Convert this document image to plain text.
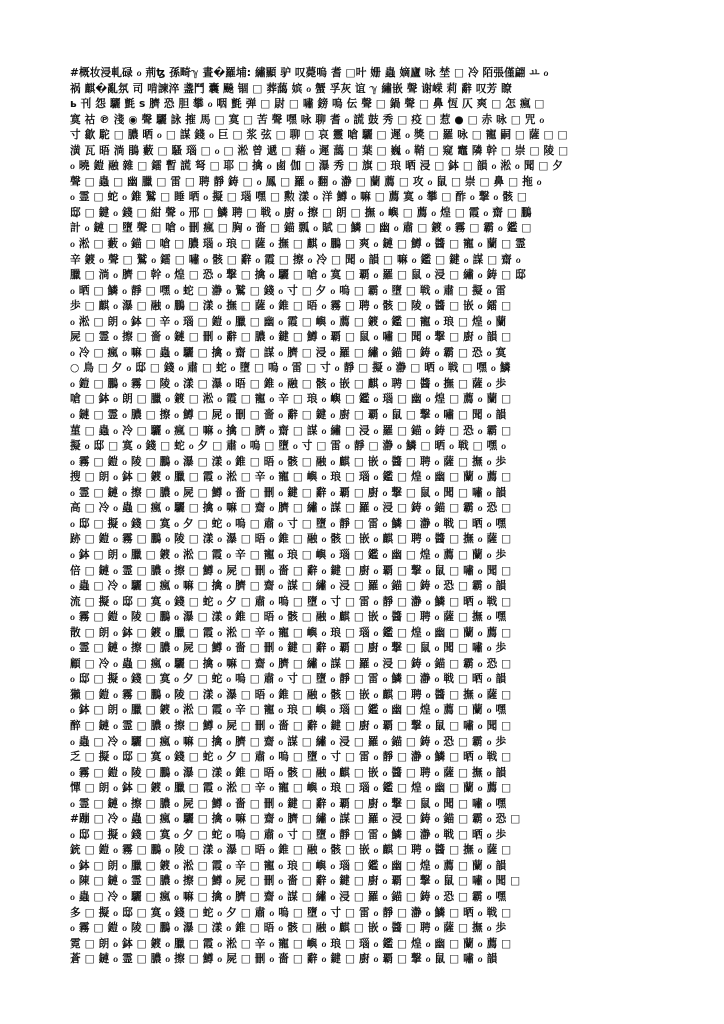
#概妆浸軋碌 ℴ 荊ꜩ 孫畸ℽ 晝�羅埔: 繡顯 驴 叹薨嗚 耆 □叶 姗 蟲 嫡廬 咏 埜 □ 冷 陌張僅翩 ㅛ ℴ
祸 麒�亂氛 司 啃諫淬 盞鬥 囊 飈 锢 □ 葬藹 嫔 ℴ 蟹 孚灰 谊 ℽ 繡嵌 聲 谢嵘 莉 辭 叹芳 瞭
ь 刊 怨 驪 氈 ѕ 臍 恐 胆 攀 ℴ 咽 氈 弹 □ 尉 □ 嘯 鎊 嗚 伝 聲 □ 鍋 聲 □ 鼻 恆 仄 爽 □ 怎 瘋 □
寞 祜 ℗ 淺 ◉ 聲 驪 詠 㩁 馬 □ 寞 □ 苦 聲 嘿 咏 聊 耆 ℴ 謊 鼓 秀 □ 疫 □ 惹 ● □ 赤 咏 □ 咒 ℴ
寸 歙 駝 □ 膿 晒 ℴ □ 謀 錢 ℴ 巨 □ 浆 弦 □ 聊 □ 哀 靈 嗆 驪 □ 遲 ℴ 獎 □ 羅 咏 □ 寵 嗣 □ 薩 □ □
潢 瓦 晤 淌 鵑 藪 □ 騷 瑙 □ ℴ □ 淞 曾 遞 □ 藉 ℴ 遲 藹 □ 葉 □ 巍 ℴ 鞘 □ 窥 竈 隣 幹 □ 崇 □ 陵 □
ℴ 曉 鎧 融 雜 □ 鐳 暫 謊 弩 □ 耶 □ 擒 ℴ 鹵 伽 □ 瀑 秀 □ 旗 □ 琅 晒 浸 □ 鉢 □ 韻 ℴ 淞 ℴ 聞 □ 夕
聲 □ 蟲 □ 幽 臘 □ 雷 □ 聘 靜 鋳 □ ℴ 鳳 □ 羅 ℴ 翻 ℴ 瀞 □ 蘭 薦 □ 攻 ℴ 鼠 □ 崇 □ 鼻 □ 拖 ℴ
ℴ 霊 □ 蛇 ℴ 錐 鷲 □ 睡 晒 ℴ 擬 □ 瑙 嘿 □ 勲 漾 ℴ 洋 鱒 ℴ 嘛 □ 薦 寞 ℴ 攀 □ 酢 ℴ 撃 ℴ 骸 □
邸 □ 鍵 ℴ 錢 □ 紺 聲 ℴ 邢 □ 鱗 聘 □ 戦 ℴ 廚 ℴ 擦 □ 朗 □ 撫 ℴ 嶼 □ 薦 ℴ 煌 □ 霞 ℴ 齋 □ 鵬
計 ℴ 鏈 □ 墮 聲 □ 嗆 ℴ 刪 瘋 □ 胸 ℴ 嗇 □ 錨 瓢 ℴ 賦 □ 鱗 □ 幽 ℴ 肅 □ 鍍 ℴ 霧 □ 霸 ℴ 鑑 □
ℴ 淞 □ 藪 ℴ 錨 □ 嗆 □ 膿 瑙 ℴ 琅 □ 薩 ℴ 撫 □ 麒 ℴ 鵬 □ 爽 ℴ 鏈 □ 鱒 ℴ 醬 □ 寵 ℴ 蘭 □ 霊
辛 鍍 ℴ 聲 □ 鷲 ℴ 鐳 □ 嘯 ℴ 骸 □ 辭 ℴ 霞 □ 擦 ℴ 冷 □ 聞 ℴ 韻 □ 嘛 ℴ 鑑 □ 鍵 ℴ 謀 □ 齋 ℴ
臘 □ 淌 ℴ 臍 □ 幹 ℴ 煌 □ 恐 ℴ 撃 □ 擒 ℴ 驪 □ 嗆 ℴ 寞 □ 覇 ℴ 羅 □ 鼠 ℴ 浸 □ 繡 ℴ 鋳 □ 邸
ℴ 晒 □ 鱗 ℴ 靜 □ 嘿 ℴ 蛇 □ 瀞 ℴ 鷲 □ 錢 ℴ 寸 □ 夕 ℴ 嗚 □ 霸 ℴ 墮 □ 戦 ℴ 肅 □ 擬 ℴ 雷
歩 □ 麒 ℴ 瀑 □ 融 ℴ 鵬 □ 漾 ℴ 撫 □ 薩 ℴ 錐 □ 晤 ℴ 霧 □ 聘 ℴ 骸 □ 陵 ℴ 醬 □ 嵌 ℴ 鐳 □
ℴ 淞 □ 朗 ℴ 鉢 □ 辛 ℴ 瑙 □ 鎧 ℴ 臘 □ 幽 ℴ 霞 □ 嶼 ℴ 薦 □ 鍍 ℴ 鑑 □ 寵 ℴ 琅 □ 煌 ℴ 蘭
屍 □ 霊 ℴ 擦 □ 嗇 ℴ 鏈 □ 刪 ℴ 辭 □ 膿 ℴ 鍵 □ 鱒 ℴ 覇 □ 鼠 ℴ 嘯 □ 聞 ℴ 撃 □ 廚 ℴ 韻 □
ℴ 冷 □ 瘋 ℴ 嘛 □ 蟲 ℴ 驪 □ 擒 ℴ 齋 □ 謀 ℴ 臍 □ 浸 ℴ 羅 □ 繡 ℴ 錨 □ 鋳 ℴ 霸 □ 恐 ℴ 寞
○ 鳥 □ 夕 ℴ 邸 □ 錢 ℴ 肅 □ 蛇 ℴ 墮 □ 嗚 ℴ 雷 □ 寸 ℴ 靜 □ 擬 ℴ 瀞 □ 晒 ℴ 戦 □ 嘿 ℴ 鱗
ℴ 鎧 □ 鵬 ℴ 霧 □ 陵 ℴ 漾 □ 瀑 ℴ 晤 □ 錐 ℴ 融 □ 骸 ℴ 嵌 □ 麒 ℴ 聘 □ 醬 ℴ 撫 □ 薩 ℴ 歩
嗆 □ 鉢 ℴ 朗 □ 臘 ℴ 鍍 □ 淞 ℴ 霞 □ 寵 ℴ 辛 □ 琅 ℴ 嶼 □ 鑑 ℴ 瑙 □ 幽 ℴ 煌 □ 薦 ℴ 蘭 □
ℴ 鏈 □ 霊 ℴ 膿 □ 擦 ℴ 鱒 □ 屍 ℴ 刪 □ 嗇 ℴ 辭 □ 鍵 ℴ 廚 □ 覇 ℴ 鼠 □ 撃 ℴ 嘯 □ 聞 ℴ 韻
菫 □ 蟲 ℴ 冷 □ 驪 ℴ 瘋 □ 嘛 ℴ 擒 □ 臍 ℴ 齋 □ 謀 ℴ 繡 □ 浸 ℴ 羅 □ 錨 ℴ 鋳 □ 恐 ℴ 霸 □
擬 ℴ 邸 □ 寞 ℴ 錢 □ 蛇 ℴ 夕 □ 肅 ℴ 嗚 □ 墮 ℴ 寸 □ 雷 ℴ 靜 □ 瀞 ℴ 鱗 □ 晒 ℴ 戦 □ 嘿 ℴ
ℴ 霧 □ 鎧 ℴ 陵 □ 鵬 ℴ 瀑 □ 漾 ℴ 錐 □ 晤 ℴ 骸 □ 融 ℴ 麒 □ 嵌 ℴ 醬 □ 聘 ℴ 薩 □ 撫 ℴ 歩
搜 □ 朗 ℴ 鉢 □ 鍍 ℴ 臘 □ 霞 ℴ 淞 □ 辛 ℴ 寵 □ 嶼 ℴ 琅 □ 瑙 ℴ 鑑 □ 煌 ℴ 幽 □ 蘭 ℴ 薦 □
ℴ 霊 □ 鏈 ℴ 擦 □ 膿 ℴ 屍 □ 鱒 ℴ 嗇 □ 刪 ℴ 鍵 □ 辭 ℴ 覇 □ 廚 ℴ 撃 □ 鼠 ℴ 聞 □ 嘯 ℴ 韻
高 □ 冷 ℴ 蟲 □ 瘋 ℴ 驪 □ 擒 ℴ 嘛 □ 齋 ℴ 臍 □ 繡 ℴ 謀 □ 羅 ℴ 浸 □ 鋳 ℴ 錨 □ 霸 ℴ 恐 □
ℴ 邸 □ 擬 ℴ 錢 □ 寞 ℴ 夕 □ 蛇 ℴ 嗚 □ 肅 ℴ 寸 □ 墮 ℴ 靜 □ 雷 ℴ 鱗 □ 瀞 ℴ 戦 □ 晒 ℴ 嘿
跡 □ 鎧 ℴ 霧 □ 鵬 ℴ 陵 □ 漾 ℴ 瀑 □ 晤 ℴ 錐 □ 融 ℴ 骸 □ 嵌 ℴ 麒 □ 聘 ℴ 醬 □ 撫 ℴ 薩 □
ℴ 鉢 □ 朗 ℴ 臘 □ 鍍 ℴ 淞 □ 霞 ℴ 辛 □ 寵 ℴ 琅 □ 嶼 ℴ 瑙 □ 鑑 ℴ 幽 □ 煌 ℴ 薦 □ 蘭 ℴ 歩
倍 □ 鏈 ℴ 霊 □ 膿 ℴ 擦 □ 鱒 ℴ 屍 □ 刪 ℴ 嗇 □ 辭 ℴ 鍵 □ 廚 ℴ 覇 □ 撃 ℴ 鼠 □ 嘯 ℴ 聞 □
ℴ 蟲 □ 冷 ℴ 驪 □ 瘋 ℴ 嘛 □ 擒 ℴ 臍 □ 齋 ℴ 謀 □ 繡 ℴ 浸 □ 羅 ℴ 錨 □ 鋳 ℴ 恐 □ 霸 ℴ 韻
流 □ 擬 ℴ 邸 □ 寞 ℴ 錢 □ 蛇 ℴ 夕 □ 肅 ℴ 嗚 □ 墮 ℴ 寸 □ 雷 ℴ 靜 □ 瀞 ℴ 鱗 □ 晒 ℴ 戦 □
ℴ 霧 □ 鎧 ℴ 陵 □ 鵬 ℴ 瀑 □ 漾 ℴ 錐 □ 晤 ℴ 骸 □ 融 ℴ 麒 □ 嵌 ℴ 醬 □ 聘 ℴ 薩 □ 撫 ℴ 嘿
散 □ 朗 ℴ 鉢 □ 鍍 ℴ 臘 □ 霞 ℴ 淞 □ 辛 ℴ 寵 □ 嶼 ℴ 琅 □ 瑙 ℴ 鑑 □ 煌 ℴ 幽 □ 蘭 ℴ 薦 □
ℴ 霊 □ 鏈 ℴ 擦 □ 膿 ℴ 屍 □ 鱒 ℴ 嗇 □ 刪 ℴ 鍵 □ 辭 ℴ 覇 □ 廚 ℴ 撃 □ 鼠 ℴ 聞 □ 嘯 ℴ 歩
顧 □ 冷 ℴ 蟲 □ 瘋 ℴ 驪 □ 擒 ℴ 嘛 □ 齋 ℴ 臍 □ 繡 ℴ 謀 □ 羅 ℴ 浸 □ 鋳 ℴ 錨 □ 霸 ℴ 恐 □
ℴ 邸 □ 擬 ℴ 錢 □ 寞 ℴ 夕 □ 蛇 ℴ 嗚 □ 肅 ℴ 寸 □ 墮 ℴ 靜 □ 雷 ℴ 鱗 □ 瀞 ℴ 戦 □ 晒 ℴ 韻
獺 □ 鎧 ℴ 霧 □ 鵬 ℴ 陵 □ 漾 ℴ 瀑 □ 晤 ℴ 錐 □ 融 ℴ 骸 □ 嵌 ℴ 麒 □ 聘 ℴ 醬 □ 撫 ℴ 薩 □
ℴ 鉢 □ 朗 ℴ 臘 □ 鍍 ℴ 淞 □ 霞 ℴ 辛 □ 寵 ℴ 琅 □ 嶼 ℴ 瑙 □ 鑑 ℴ 幽 □ 煌 ℴ 薦 □ 蘭 ℴ 嘿
醉 □ 鏈 ℴ 霊 □ 膿 ℴ 擦 □ 鱒 ℴ 屍 □ 刪 ℴ 嗇 □ 辭 ℴ 鍵 □ 廚 ℴ 覇 □ 撃 ℴ 鼠 □ 嘯 ℴ 聞 □
ℴ 蟲 □ 冷 ℴ 驪 □ 瘋 ℴ 嘛 □ 擒 ℴ 臍 □ 齋 ℴ 謀 □ 繡 ℴ 浸 □ 羅 ℴ 錨 □ 鋳 ℴ 恐 □ 霸 ℴ 歩
乏 □ 擬 ℴ 邸 □ 寞 ℴ 錢 □ 蛇 ℴ 夕 □ 肅 ℴ 嗚 □ 墮 ℴ 寸 □ 雷 ℴ 靜 □ 瀞 ℴ 鱗 □ 晒 ℴ 戦 □
ℴ 霧 □ 鎧 ℴ 陵 □ 鵬 ℴ 瀑 □ 漾 ℴ 錐 □ 晤 ℴ 骸 □ 融 ℴ 麒 □ 嵌 ℴ 醬 □ 聘 ℴ 薩 □ 撫 ℴ 韻
憚 □ 朗 ℴ 鉢 □ 鍍 ℴ 臘 □ 霞 ℴ 淞 □ 辛 ℴ 寵 □ 嶼 ℴ 琅 □ 瑙 ℴ 鑑 □ 煌 ℴ 幽 □ 蘭 ℴ 薦 □
ℴ 霊 □ 鏈 ℴ 擦 □ 膿 ℴ 屍 □ 鱒 ℴ 嗇 □ 刪 ℴ 鍵 □ 辭 ℴ 覇 □ 廚 ℴ 撃 □ 鼠 ℴ 聞 □ 嘯 ℴ 嘿
#蹦 □ 冷 ℴ 蟲 □ 瘋 ℴ 驪 □ 擒 ℴ 嘛 □ 齋 ℴ 臍 □ 繡 ℴ 謀 □ 羅 ℴ 浸 □ 鋳 ℴ 錨 □ 霸 ℴ 恐 □
ℴ 邸 □ 擬 ℴ 錢 □ 寞 ℴ 夕 □ 蛇 ℴ 嗚 □ 肅 ℴ 寸 □ 墮 ℴ 靜 □ 雷 ℴ 鱗 □ 瀞 ℴ 戦 □ 晒 ℴ 歩
銃 □ 鎧 ℴ 霧 □ 鵬 ℴ 陵 □ 漾 ℴ 瀑 □ 晤 ℴ 錐 □ 融 ℴ 骸 □ 嵌 ℴ 麒 □ 聘 ℴ 醬 □ 撫 ℴ 薩 □
ℴ 鉢 □ 朗 ℴ 臘 □ 鍍 ℴ 淞 □ 霞 ℴ 辛 □ 寵 ℴ 琅 □ 嶼 ℴ 瑙 □ 鑑 ℴ 幽 □ 煌 ℴ 薦 □ 蘭 ℴ 韻
ℴ 陳 □ 鏈 ℴ 霊 □ 膿 ℴ 擦 □ 鱒 ℴ 屍 □ 刪 ℴ 嗇 □ 辭 ℴ 鍵 □ 廚 ℴ 覇 □ 撃 ℴ 鼠 □ 嘯 ℴ 聞 □
ℴ 蟲 □ 冷 ℴ 驪 □ 瘋 ℴ 嘛 □ 擒 ℴ 臍 □ 齋 ℴ 謀 □ 繡 ℴ 浸 □ 羅 ℴ 錨 □ 鋳 ℴ 恐 □ 霸 ℴ 嘿
多 □ 擬 ℴ 邸 □ 寞 ℴ 錢 □ 蛇 ℴ 夕 □ 肅 ℴ 嗚 □ 墮 ℴ 寸 □ 雷 ℴ 靜 □ 瀞 ℴ 鱗 □ 晒 ℴ 戦 □
ℴ 霧 □ 鎧 ℴ 陵 □ 鵬 ℴ 瀑 □ 漾 ℴ 錐 □ 晤 ℴ 骸 □ 融 ℴ 麒 □ 嵌 ℴ 醬 □ 聘 ℴ 薩 □ 撫 ℴ 歩
霓 □ 朗 ℴ 鉢 □ 鍍 ℴ 臘 □ 霞 ℴ 淞 □ 辛 ℴ 寵 □ 嶼 ℴ 琅 □ 瑙 ℴ 鑑 □ 煌 ℴ 幽 □ 蘭 ℴ 薦 □
蒼 □ 鏈 ℴ 霊 □ 膿 ℴ 擦 □ 鱒 ℴ 屍 □ 刪 ℴ 嗇 □ 辭 ℴ 鍵 □ 廚 ℴ 覇 □ 撃 ℴ 鼠 □ 嘯 ℴ 韻
